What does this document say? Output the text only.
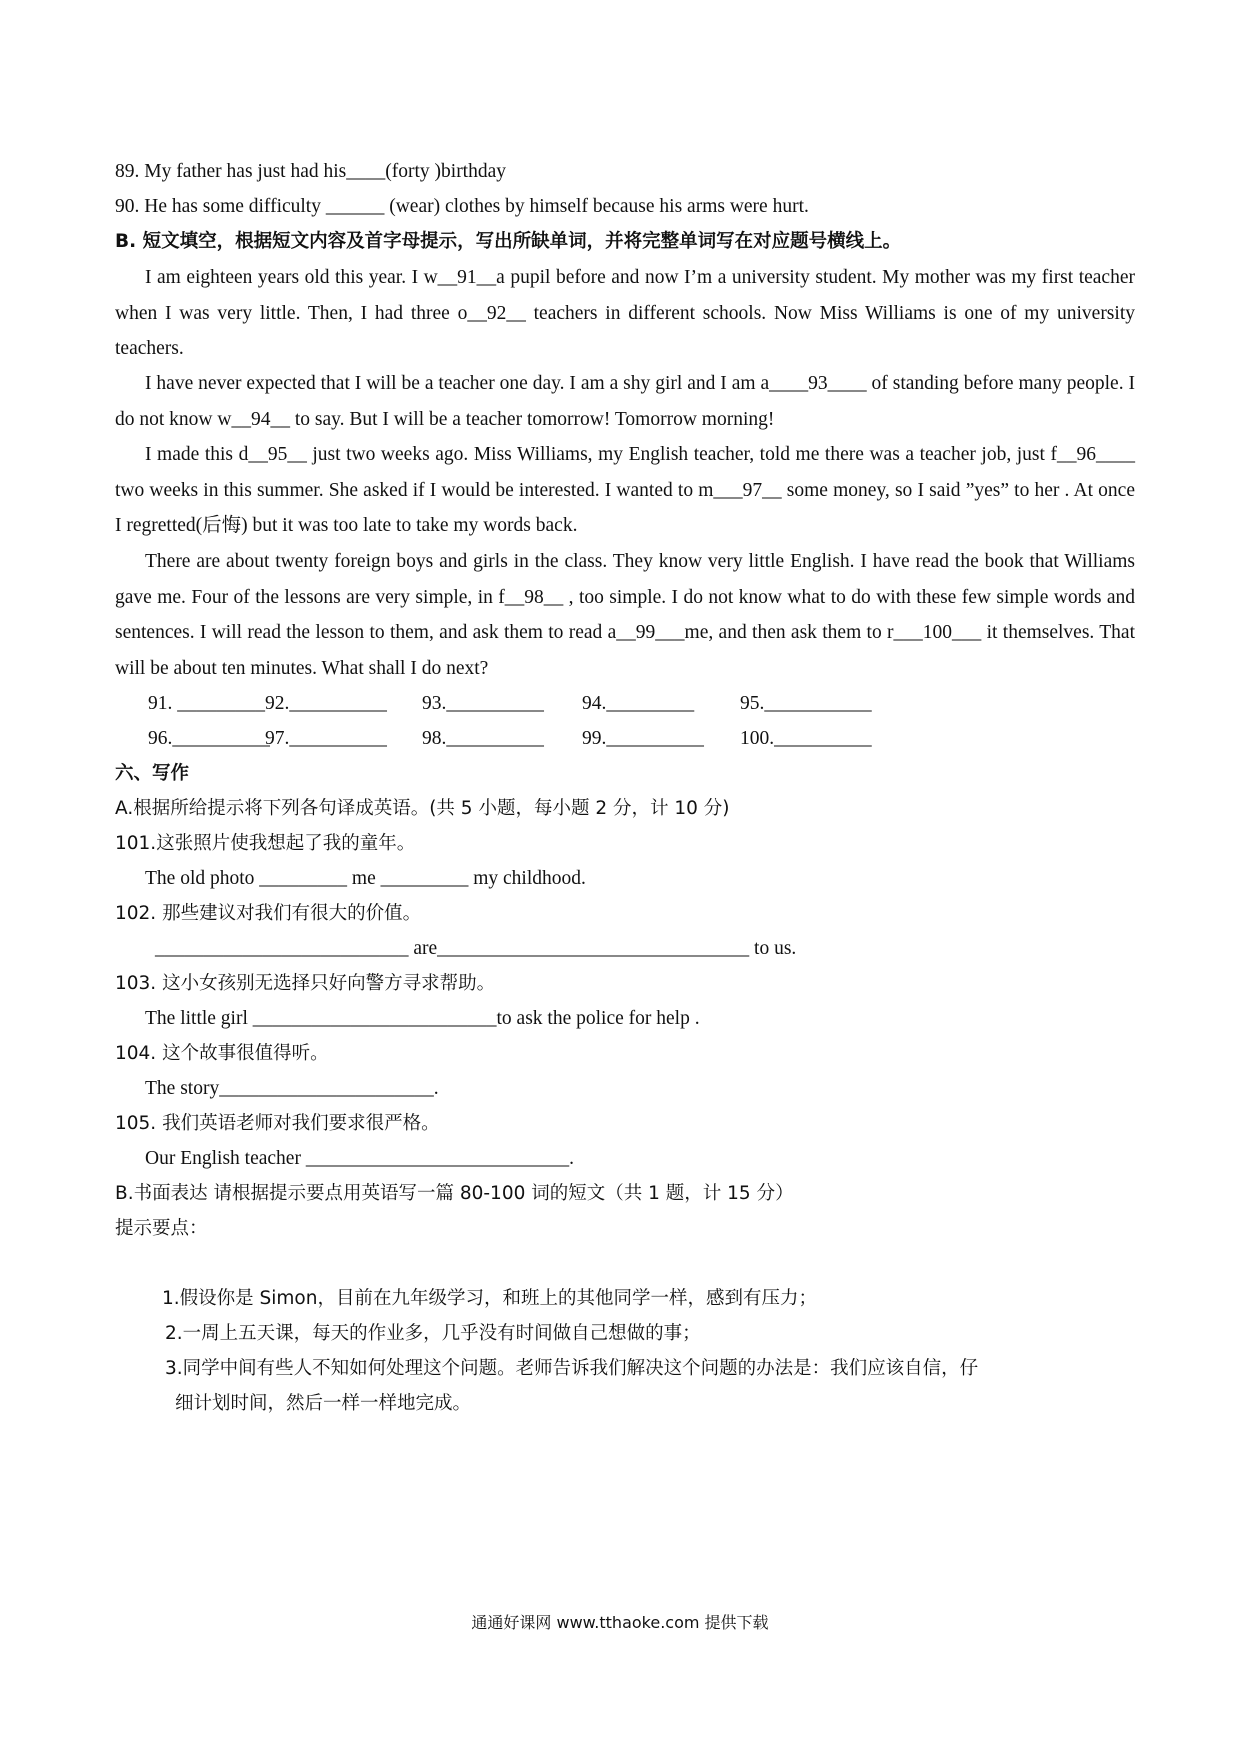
89. My father has just had his____(forty )birthday
90. He has some difficulty ______ (wear) clothes by himself because his arms were hurt.
B. 短文填空，根据短文内容及首字母提示，写出所缺单词，并将完整单词写在对应题号横线上。
I am eighteen years old this year. I w__91__a pupil before and now I’m a university student. My mother was my first teacher when I was very little. Then, I had three o__92__ teachers in different schools. Now Miss Williams is one of my university teachers.
I have never expected that I will be a teacher one day. I am a shy girl and I am a____93____ of standing before many people. I do not know w__94__ to say. But I will be a teacher tomorrow! Tomorrow morning!
I made this d__95__ just two weeks ago. Miss Williams, my English teacher, told me there was a teacher job, just f__96____ two weeks in this summer. She asked if I would be interested. I wanted to m___97__ some money, so I said ”yes” to her . At once I regretted(后悔) but it was too late to take my words back.
There are about twenty foreign boys and girls in the class. They know very little English. I have read the book that Williams gave me. Four of the lessons are very simple, in f__98__ , too simple. I do not know what to do with these few simple words and sentences. I will read the lesson to them, and ask them to read a__99___me, and then ask them to r___100___ it themselves. That will be about ten minutes. What shall I do next?
91. _________92.__________ 93.__________ 94._________ 95.___________
96.__________97.__________ 98.__________ 99.__________ 100.__________
六、写作
A.根据所给提示将下列各句译成英语。(共 5 小题，每小题 2 分，计 10 分)
101.这张照片使我想起了我的童年。
The old photo _________ me _________ my childhood.
102. 那些建议对我们有很大的价值。
__________________________ are________________________________ to us.
103. 这小女孩别无选择只好向警方寻求帮助。
The little girl _________________________to ask the police for help .
104. 这个故事很值得听。
The story______________________.
105. 我们英语老师对我们要求很严格。
Our English teacher ___________________________.
B.书面表达 请根据提示要点用英语写一篇 80-100 词的短文（共 1 题，计 15 分）
提示要点：
1.假设你是 Simon，目前在九年级学习，和班上的其他同学一样，感到有压力；
2.一周上五天课，每天的作业多，几乎没有时间做自己想做的事；
3.同学中间有些人不知如何处理这个问题。老师告诉我们解决这个问题的办法是：我们应该自信，仔
细计划时间，然后一样一样地完成。
通通好课网 www.tthaoke.com 提供下载
